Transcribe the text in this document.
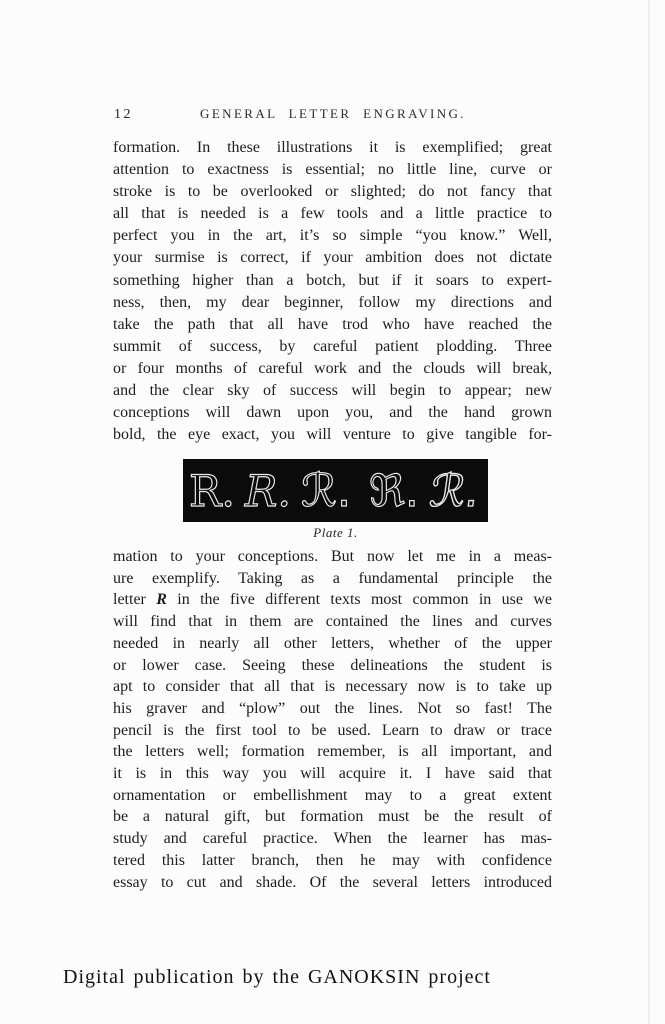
12	GENERAL LETTER ENGRAVING.
formation. In these illustrations it is exemplified; great
attention to exactness is essential; no little line, curve or
stroke is to be overlooked or slighted; do not fancy that
all that is needed is a few tools and a little practice to
perfect you in the art, it’s so simple “you know.” Well,
your surmise is correct, if your ambition does not dictate
something higher than a botch, but if it soars to expert-
ness, then, my dear beginner, follow my directions and
take the path that all have trod who have reached the
summit of success, by careful patient plodding. Three
or four months of careful work and the clouds will break,
and the clear sky of success will begin to appear; new
conceptions will dawn upon you, and the hand grown
bold, the eye exact, you will venture to give tangible for-
R. R. ℛ. ℜ. ℛ.
Plate 1.
mation to your conceptions. But now let me in a meas-
ure exemplify. Taking as a fundamental principle the
letter R in the five different texts most common in use we
will find that in them are contained the lines and curves
needed in nearly all other letters, whether of the upper
or lower case. Seeing these delineations the student is
apt to consider that all that is necessary now is to take up
his graver and “plow” out the lines. Not so fast! The
pencil is the first tool to be used. Learn to draw or trace
the letters well; formation remember, is all important, and
it is in this way you will acquire it. I have said that
ornamentation or embellishment may to a great extent
be a natural gift, but formation must be the result of
study and careful practice. When the learner has mas-
tered this latter branch, then he may with confidence
essay to cut and shade. Of the several letters introduced
Digital publication by the GANOKSIN project
